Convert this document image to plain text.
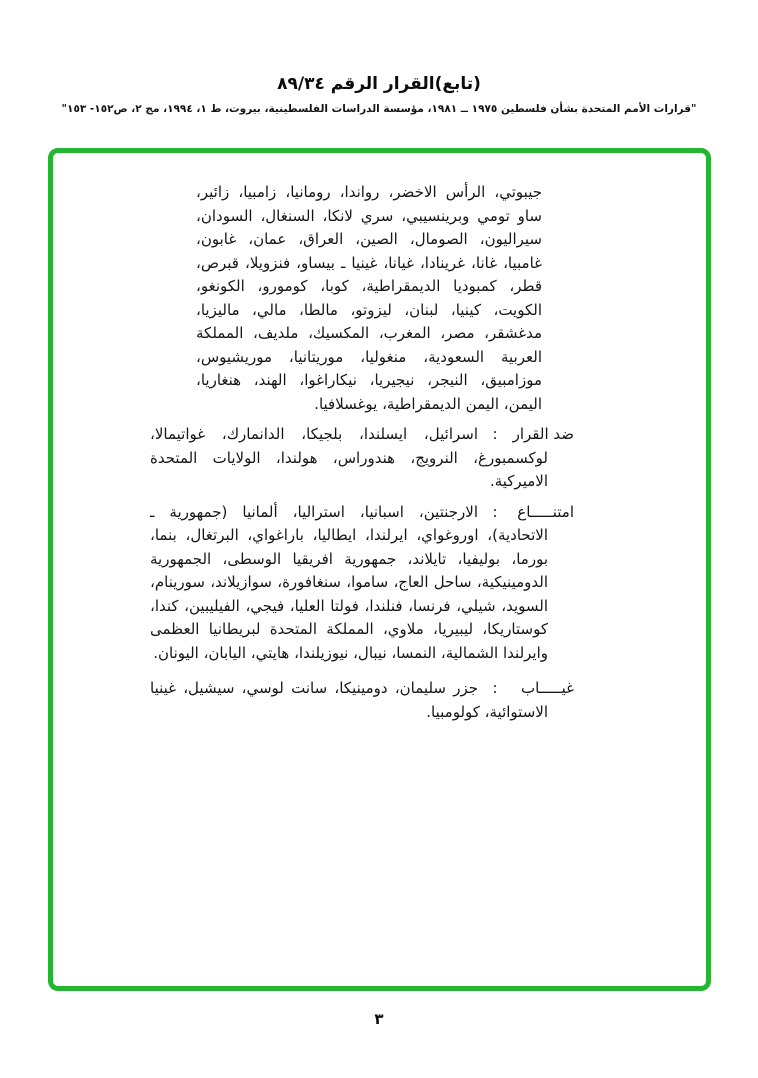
(تابع)القرار الرقم ٨٩/٣٤
"قرارات الأمم المتحدة بشأن فلسطين ١٩٧٥ ــ ١٩٨١، مؤسسة الدراسات الفلسطينية، بيروت، ط ١، ١٩٩٤، مج ٢، ص١٥٢- ١٥٣"

جيبوتي، الرأس الاخضر، رواندا، رومانيا، زامبيا، زائير، ساو تومي وبرينسيبي، سري لانكا، السنغال، السودان، سيراليون، الصومال، الصين، العراق، عمان، غابون، غامبيا، غانا، غرينادا، غيانا، غينيا ـ بيساو، فنزويلا، قبرص، قطر، كمبوديا الديمقراطية، كوبا، كومورو، الكونغو، الكويت، كينيا، لبنان، ليزوتو، مالطا، مالي، ماليزيا، مدغشقر، مصر، المغرب، المكسيك، ملديف، المملكة العربية السعودية، منغوليا، موريتانيا، موريشيوس، موزامبيق، النيجر، نيجيريا، نيكاراغوا، الهند، هنغاريا، اليمن، اليمن الديمقراطية، يوغسلافيا.

ضد القرار:اسرائيل، ايسلندا، بلجيكا، الدانمارك، غواتيمالا، لوكسمبورغ، النرويج، هندوراس، هولندا، الولايات المتحدة الاميركية.

امتنـــــاع:الارجنتين، اسبانيا، استراليا، ألمانيا (جمهورية ـ الاتحادية)، اوروغواي، ايرلندا، ايطاليا، باراغواي، البرتغال، بنما، بورما، بوليفيا، تايلاند، جمهورية افريقيا الوسطى، الجمهورية الدومينيكية، ساحل العاج، ساموا، سنغافورة، سوازيلاند، سورينام، السويد، شيلي، فرنسا، فنلندا، فولتا العليا، فيجي، الفيليبين، كندا، كوستاريكا، ليبيريا، ملاوي، المملكة المتحدة لبريطانيا العظمى وايرلندا الشمالية، النمسا، نيبال، نيوزيلندا، هايتي، اليابان، اليونان.

غيـــــاب:جزر سليمان، دومينيكا، سانت لوسي، سيشيل، غينيا الاستوائية، كولومبيا.

٣
